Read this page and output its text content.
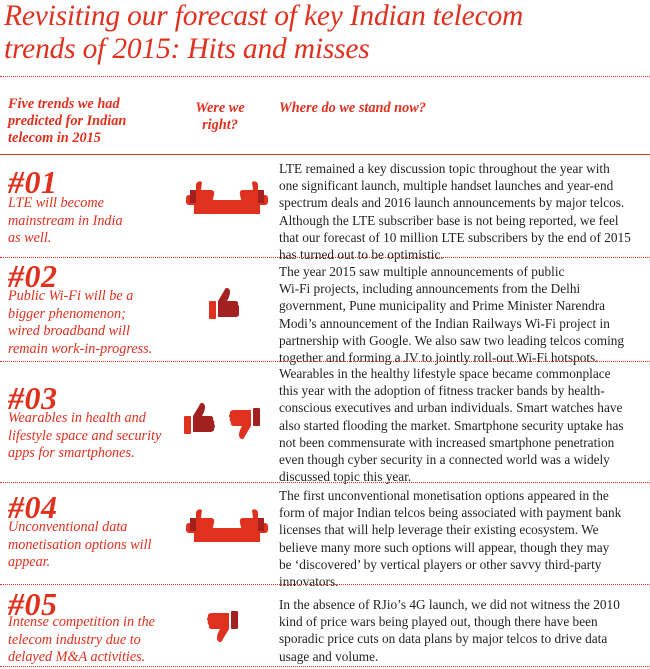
Revisiting our forecast of key Indian telecom
trends of 2015: Hits and misses
Five trends we had
predicted for Indian
telecom in 2015
Were we
right?
Where do we stand now?
#01
LTE will become
mainstream in India
as well.
LTE remained a key discussion topic throughout the year with
one significant launch, multiple handset launches and year-end
spectrum deals and 2016 launch announcements by major telcos.
Although the LTE subscriber base is not being reported, we feel
that our forecast of 10 million LTE subscribers by the end of 2015
has turned out to be optimistic.
#02
Public Wi-Fi will be a
bigger phenomenon;
wired broadband will
remain work-in-progress.
The year 2015 saw multiple announcements of public
Wi-Fi projects, including announcements from the Delhi
government, Pune municipality and Prime Minister Narendra
Modi’s announcement of the Indian Railways Wi-Fi project in
partnership with Google. We also saw two leading telcos coming
together and forming a JV to jointly roll-out Wi-Fi hotspots.
#03
Wearables in health and
lifestyle space and security
apps for smartphones.
Wearables in the healthy lifestyle space became commonplace
this year with the adoption of fitness tracker bands by health-
conscious executives and urban individuals. Smart watches have
also started flooding the market. Smartphone security uptake has
not been commensurate with increased smartphone penetration
even though cyber security in a connected world was a widely
discussed topic this year.
#04
Unconventional data
monetisation options will
appear.
The first unconventional monetisation options appeared in the
form of major Indian telcos being associated with payment bank
licenses that will help leverage their existing ecosystem. We
believe many more such options will appear, though they may
be ‘discovered’ by vertical players or other savvy third-party
innovators.
#05
Intense competition in the
telecom industry due to
delayed M&A activities.
In the absence of RJio’s 4G launch, we did not witness the 2010
kind of price wars being played out, though there have been
sporadic price cuts on data plans by major telcos to drive data
usage and volume.
